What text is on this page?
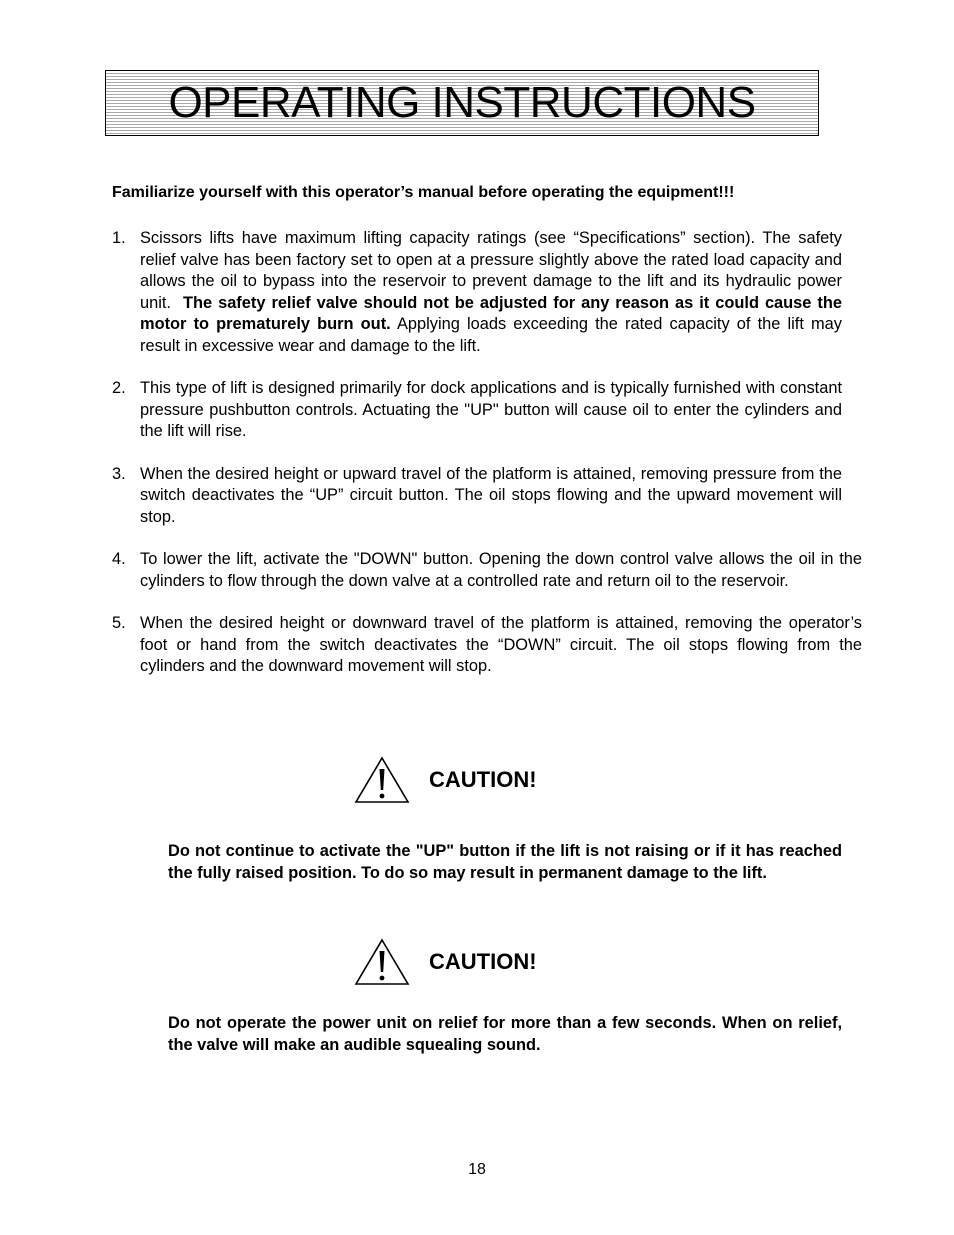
OPERATING INSTRUCTIONS

Familiarize yourself with this operator’s manual before operating the equipment!!!

1. Scissors lifts have maximum lifting capacity ratings (see “Specifications” section). The safety relief valve has been factory set to open at a pressure slightly above the rated load capacity and allows the oil to bypass into the reservoir to prevent damage to the lift and its hydraulic power unit. The safety relief valve should not be adjusted for any reason as it could cause the motor to prematurely burn out. Applying loads exceeding the rated capacity of the lift may result in excessive wear and damage to the lift.
2. This type of lift is designed primarily for dock applications and is typically furnished with constant pressure pushbutton controls. Actuating the "UP" button will cause oil to enter the cylinders and the lift will rise.
3. When the desired height or upward travel of the platform is attained, removing pressure from the switch deactivates the “UP” circuit button. The oil stops flowing and the upward movement will stop.
4. To lower the lift, activate the "DOWN" button. Opening the down control valve allows the oil in the cylinders to flow through the down valve at a controlled rate and return oil to the reservoir.
5. When the desired height or downward travel of the platform is attained, removing the operator’s foot or hand from the switch deactivates the “DOWN” circuit. The oil stops flowing from the cylinders and the downward movement will stop.
CAUTION!

Do not continue to activate the "UP" button if the lift is not raising or if it has reached the fully raised position. To do so may result in permanent damage to the lift.

CAUTION!

Do not operate the power unit on relief for more than a few seconds. When on relief, the valve will make an audible squealing sound.

18
